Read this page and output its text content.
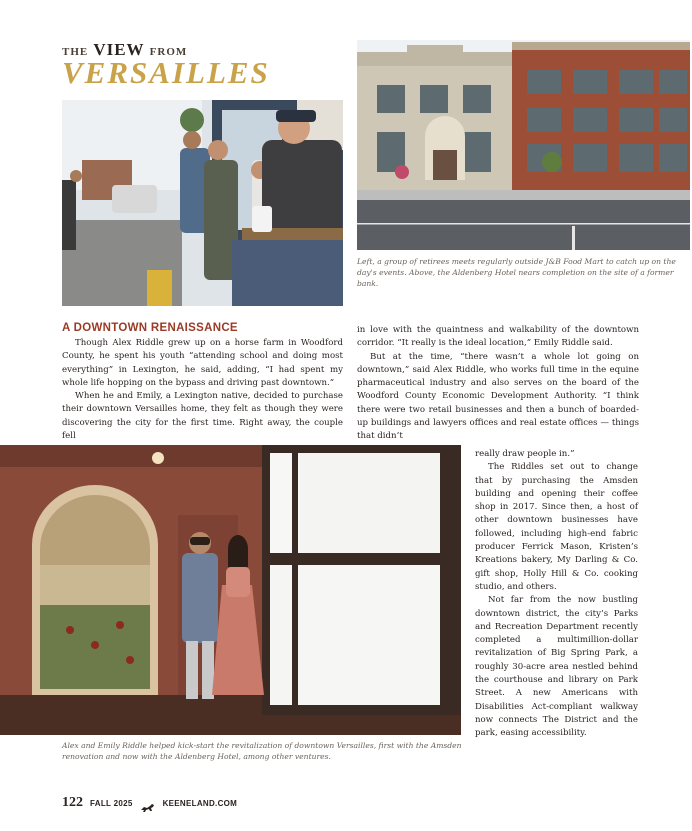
THE VIEW FROM
VERSAILLES
Left, a group of retirees meets regularly outside J&B Food Mart to catch up on the day's events. Above, the Aldenberg Hotel nears completion on the site of a former bank.
A DOWNTOWN RENAISSANCE

Though Alex Riddle grew up on a horse farm in Woodford County, he spent his youth “attending school and doing most everything” in Lexington, he said, adding, “I had spent my whole life hopping on the bypass and driving past downtown.”

When he and Emily, a Lexington native, decided to purchase their downtown Versailles home, they felt as though they were discovering the city for the first time. Right away, the couple fell

in love with the quaintness and walkability of the downtown corridor. “It really is the ideal location,” Emily Riddle said.

But at the time, “there wasn’t a whole lot going on downtown,” said Alex Riddle, who works full time in the equine pharmaceutical industry and also serves on the board of the Woodford County Economic Development Authority. “I think there were two retail businesses and then a bunch of boarded-up buildings and lawyers offices and real estate offices — things that didn’t

really draw people in.”

The Riddles set out to change that by purchasing the Amsden building and opening their coffee shop in 2017. Since then, a host of other downtown businesses have followed, including high-end fabric producer Ferrick Mason, Kristen’s Kreations bakery, My Darling & Co. gift shop, Holly Hill & Co. cooking studio, and others.

Not far from the now bustling downtown district, the city’s Parks and Recreation Department recently completed a multimillion-dollar revitalization of Big Spring Park, a roughly 30-acre area nestled behind the courthouse and library on Park Street. A new Americans with Disabilities Act-compliant walkway now connects The District and the park, easing accessibility.

Alex and Emily Riddle helped kick-start the revitalization of downtown Versailles, first with the Amsden renovation and now with the Aldenberg Hotel, among other ventures.
122 FALL 2025	KEENELAND.COM
